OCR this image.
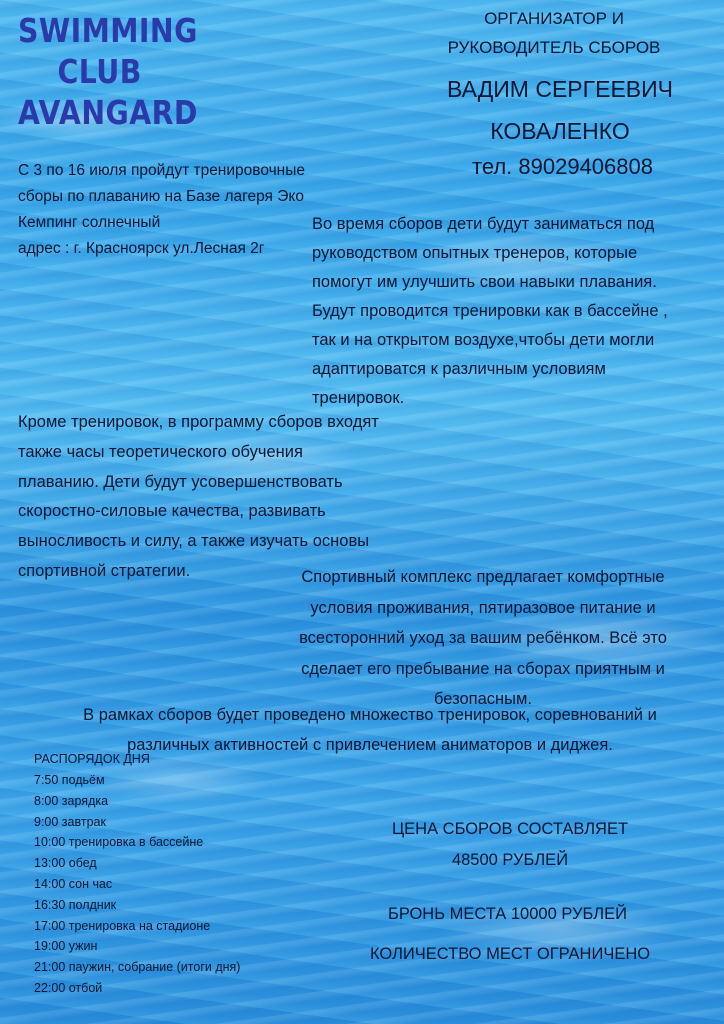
SWIMMING
CLUB
AVANGARD
ОРГАНИЗАТОР И
РУКОВОДИТЕЛЬ СБОРОВ
ВАДИМ СЕРГЕЕВИЧ
КОВАЛЕНКО
тел. 89029406808
С 3 по 16 июля пройдут тренировочные
сборы по плаванию на Базе лагеря Эко
Кемпинг солнечный
адрес : г. Красноярск ул.Лесная 2г
Во время сборов дети будут заниматься под
руководством опытных тренеров, которые
помогут им улучшить свои навыки плавания.
Будут проводится тренировки как в бассейне ,
так и на открытом воздухе,чтобы дети могли
адаптироватся к различным условиям
тренировок.
Кроме тренировок, в программу сборов входят
также часы теоретического обучения
плаванию. Дети будут усовершенствовать
скоростно-силовые качества, развивать
выносливость и силу, а также изучать основы
спортивной стратегии.	Спортивный комплекс предлагает комфортные
условия проживания, пятиразовое питание и
всесторонний уход за вашим ребёнком. Всё это
сделает его пребывание на сборах приятным и
безопасным.
В рамках сборов будет проведено множество тренировок, соревнований и
различных активностей с привлечением аниматоров и диджея.
РАСПОРЯДОК ДНЯ
7:50 подьём
8:00 зарядка
9:00 завтрак
10:00 тренировка в бассейне
13:00 обед
14:00 сон час
16:30 полдник
17:00 тренировка на стадионе
19:00 ужин
21:00 паужин, собрание (итоги дня)
22:00 отбой
ЦЕНА СБОРОВ СОСТАВЛЯЕТ
48500 РУБЛЕЙ
БРОНЬ МЕСТА 10000 РУБЛЕЙ
КОЛИЧЕСТВО МЕСТ ОГРАНИЧЕНО
